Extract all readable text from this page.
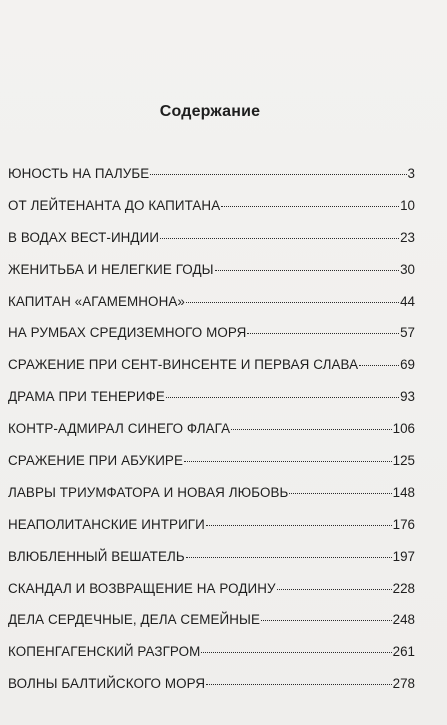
Содержание
ЮНОСТЬ НА ПАЛУБЕ	3
ОТ ЛЕЙТЕНАНТА ДО КАПИТАНА	10
В ВОДАХ ВЕСТ-ИНДИИ	23
ЖЕНИТЬБА И НЕЛЕГКИЕ ГОДЫ	30
КАПИТАН «АГАМЕМНОНА»	44
НА РУМБАХ СРЕДИЗЕМНОГО МОРЯ	57
СРАЖЕНИЕ ПРИ СЕНТ-ВИНСЕНТЕ И ПЕРВАЯ СЛАВА	69
ДРАМА ПРИ ТЕНЕРИФЕ	93
КОНТР-АДМИРАЛ СИНЕГО ФЛАГА	106
СРАЖЕНИЕ ПРИ АБУКИРЕ	125
ЛАВРЫ ТРИУМФАТОРА И НОВАЯ ЛЮБОВЬ	148
НЕАПОЛИТАНСКИЕ ИНТРИГИ	176
ВЛЮБЛЕННЫЙ ВЕШАТЕЛЬ	197
СКАНДАЛ И ВОЗВРАЩЕНИЕ НА РОДИНУ	228
ДЕЛА СЕРДЕЧНЫЕ, ДЕЛА СЕМЕЙНЫЕ	248
КОПЕНГАГЕНСКИЙ РАЗГРОМ	261
ВОЛНЫ БАЛТИЙСКОГО МОРЯ	278
